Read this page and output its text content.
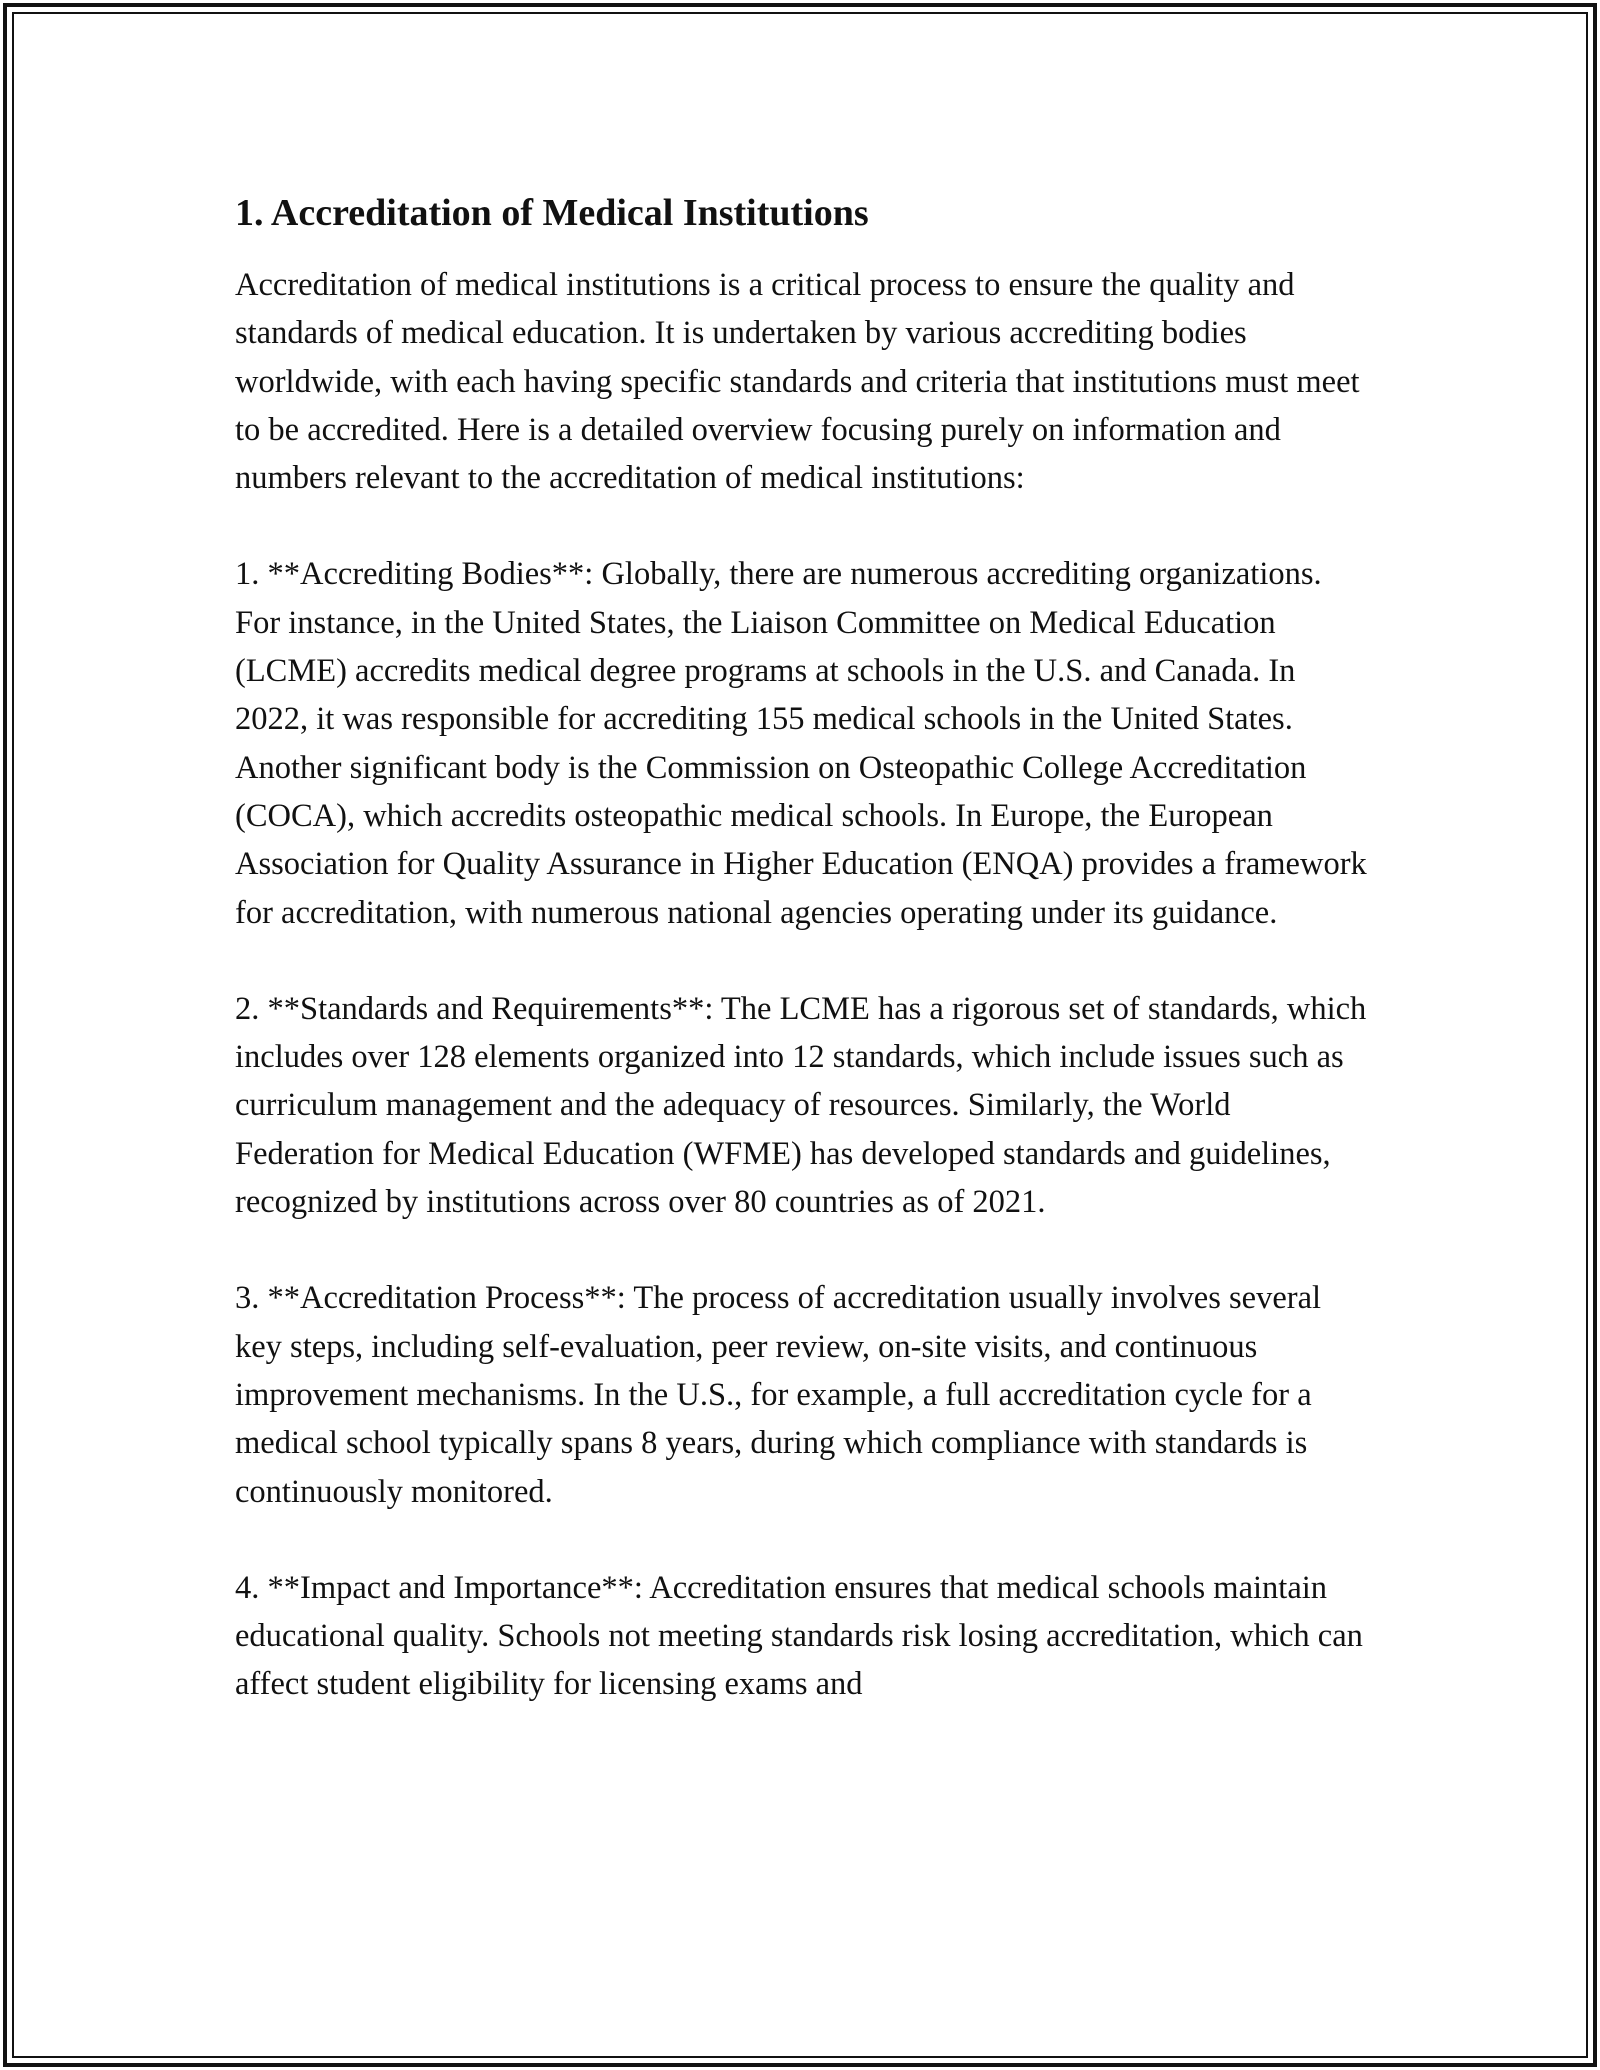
1. Accreditation of Medical Institutions

Accreditation of medical institutions is a critical process to ensure the quality and standards of medical education. It is undertaken by various accrediting bodies worldwide, with each having specific standards and criteria that institutions must meet to be accredited. Here is a detailed overview focusing purely on information and numbers relevant to the accreditation of medical institutions:

1. **Accrediting Bodies**: Globally, there are numerous accrediting organizations. For instance, in the United States, the Liaison Committee on Medical Education (LCME) accredits medical degree programs at schools in the U.S. and Canada. In 2022, it was responsible for accrediting 155 medical schools in the United States. Another significant body is the Commission on Osteopathic College Accreditation (COCA), which accredits osteopathic medical schools. In Europe, the European Association for Quality Assurance in Higher Education (ENQA) provides a framework for accreditation, with numerous national agencies operating under its guidance.

2. **Standards and Requirements**: The LCME has a rigorous set of standards, which includes over 128 elements organized into 12 standards, which include issues such as curriculum management and the adequacy of resources. Similarly, the World Federation for Medical Education (WFME) has developed standards and guidelines, recognized by institutions across over 80 countries as of 2021.

3. **Accreditation Process**: The process of accreditation usually involves several key steps, including self-evaluation, peer review, on-site visits, and continuous improvement mechanisms. In the U.S., for example, a full accreditation cycle for a medical school typically spans 8 years, during which compliance with standards is continuously monitored.

4. **Impact and Importance**: Accreditation ensures that medical schools maintain educational quality. Schools not meeting standards risk losing accreditation, which can affect student eligibility for licensing exams and
